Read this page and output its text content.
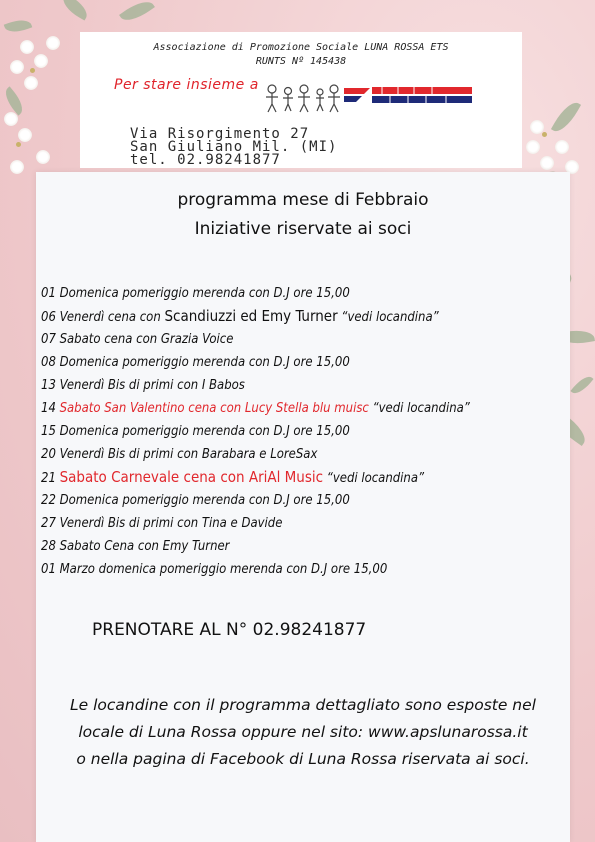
Associazione di Promozione Sociale LUNA ROSSA ETS
RUNTS Nº 145438
Per stare insieme a
Via Risorgimento 27
San Giuliano Mil. (MI)
tel. 02.98241877
programma mese di Febbraio
Iniziative riservate ai soci
01 Domenica pomeriggio merenda con D.J ore 15,00
06 Venerdì cena con Scandiuzzi ed Emy Turner “vedi locandina”
07 Sabato cena con Grazia Voice
08 Domenica pomeriggio merenda con D.J ore 15,00
13 Venerdì Bis di primi con I Babos
14 Sabato San Valentino cena con Lucy Stella blu muisc “vedi locandina”
15 Domenica pomeriggio merenda con D.J ore 15,00
20 Venerdì Bis di primi con Barabara e LoreSax
21 Sabato Carnevale cena con AriAl Music “vedi locandina”
22 Domenica pomeriggio merenda con D.J ore 15,00
27 Venerdì Bis di primi con Tina e Davide
28 Sabato Cena con Emy Turner
01 Marzo domenica pomeriggio merenda con D.J ore 15,00
PRENOTARE AL N° 02.98241877
Le locandine con il programma dettagliato sono esposte nel
locale di Luna Rossa oppure nel sito: www.apslunarossa.it
o nella pagina di Facebook di Luna Rossa riservata ai soci.
